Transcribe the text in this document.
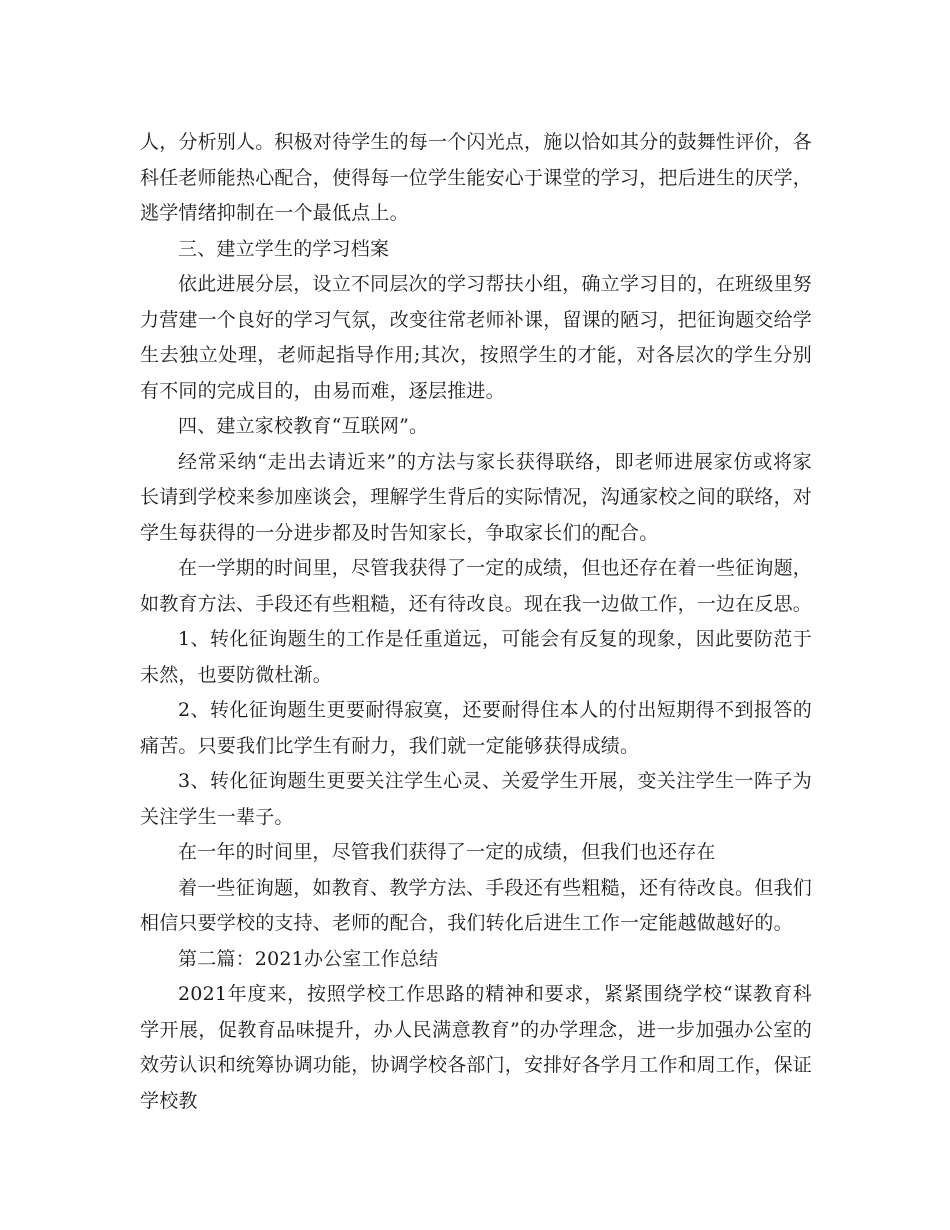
人，分析别人。积极对待学生的每一个闪光点，施以恰如其分的鼓舞性评价，各科任老师能热心配合，使得每一位学生能安心于课堂的学习，把后进生的厌学，逃学情绪抑制在一个最低点上。

三、建立学生的学习档案

依此进展分层，设立不同层次的学习帮扶小组，确立学习目的，在班级里努力营建一个良好的学习气氛，改变往常老师补课，留课的陋习，把征询题交给学生去独立处理，老师起指导作用;其次，按照学生的才能，对各层次的学生分别有不同的完成目的，由易而难，逐层推进。

四、建立家校教育“互联网”。

经常采纳“走出去请近来”的方法与家长获得联络，即老师进展家仿或将家长请到学校来参加座谈会，理解学生背后的实际情况，沟通家校之间的联络，对学生每获得的一分进步都及时告知家长，争取家长们的配合。

在一学期的时间里，尽管我获得了一定的成绩，但也还存在着一些征询题，如教育方法、手段还有些粗糙，还有待改良。现在我一边做工作，一边在反思。

1、转化征询题生的工作是任重道远，可能会有反复的现象，因此要防范于未然，也要防微杜渐。

2、转化征询题生更要耐得寂寞，还要耐得住本人的付出短期得不到报答的痛苦。只要我们比学生有耐力，我们就一定能够获得成绩。

3、转化征询题生更要关注学生心灵、关爱学生开展，变关注学生一阵子为关注学生一辈子。

在一年的时间里，尽管我们获得了一定的成绩，但我们也还存在

着一些征询题，如教育、教学方法、手段还有些粗糙，还有待改良。但我们相信只要学校的支持、老师的配合，我们转化后进生工作一定能越做越好的。

第二篇：2021办公室工作总结

2021年度来，按照学校工作思路的精神和要求，紧紧围绕学校“谋教育科学开展，促教育品味提升，办人民满意教育”的办学理念，进一步加强办公室的效劳认识和统筹协调功能，协调学校各部门，安排好各学月工作和周工作，保证学校教
